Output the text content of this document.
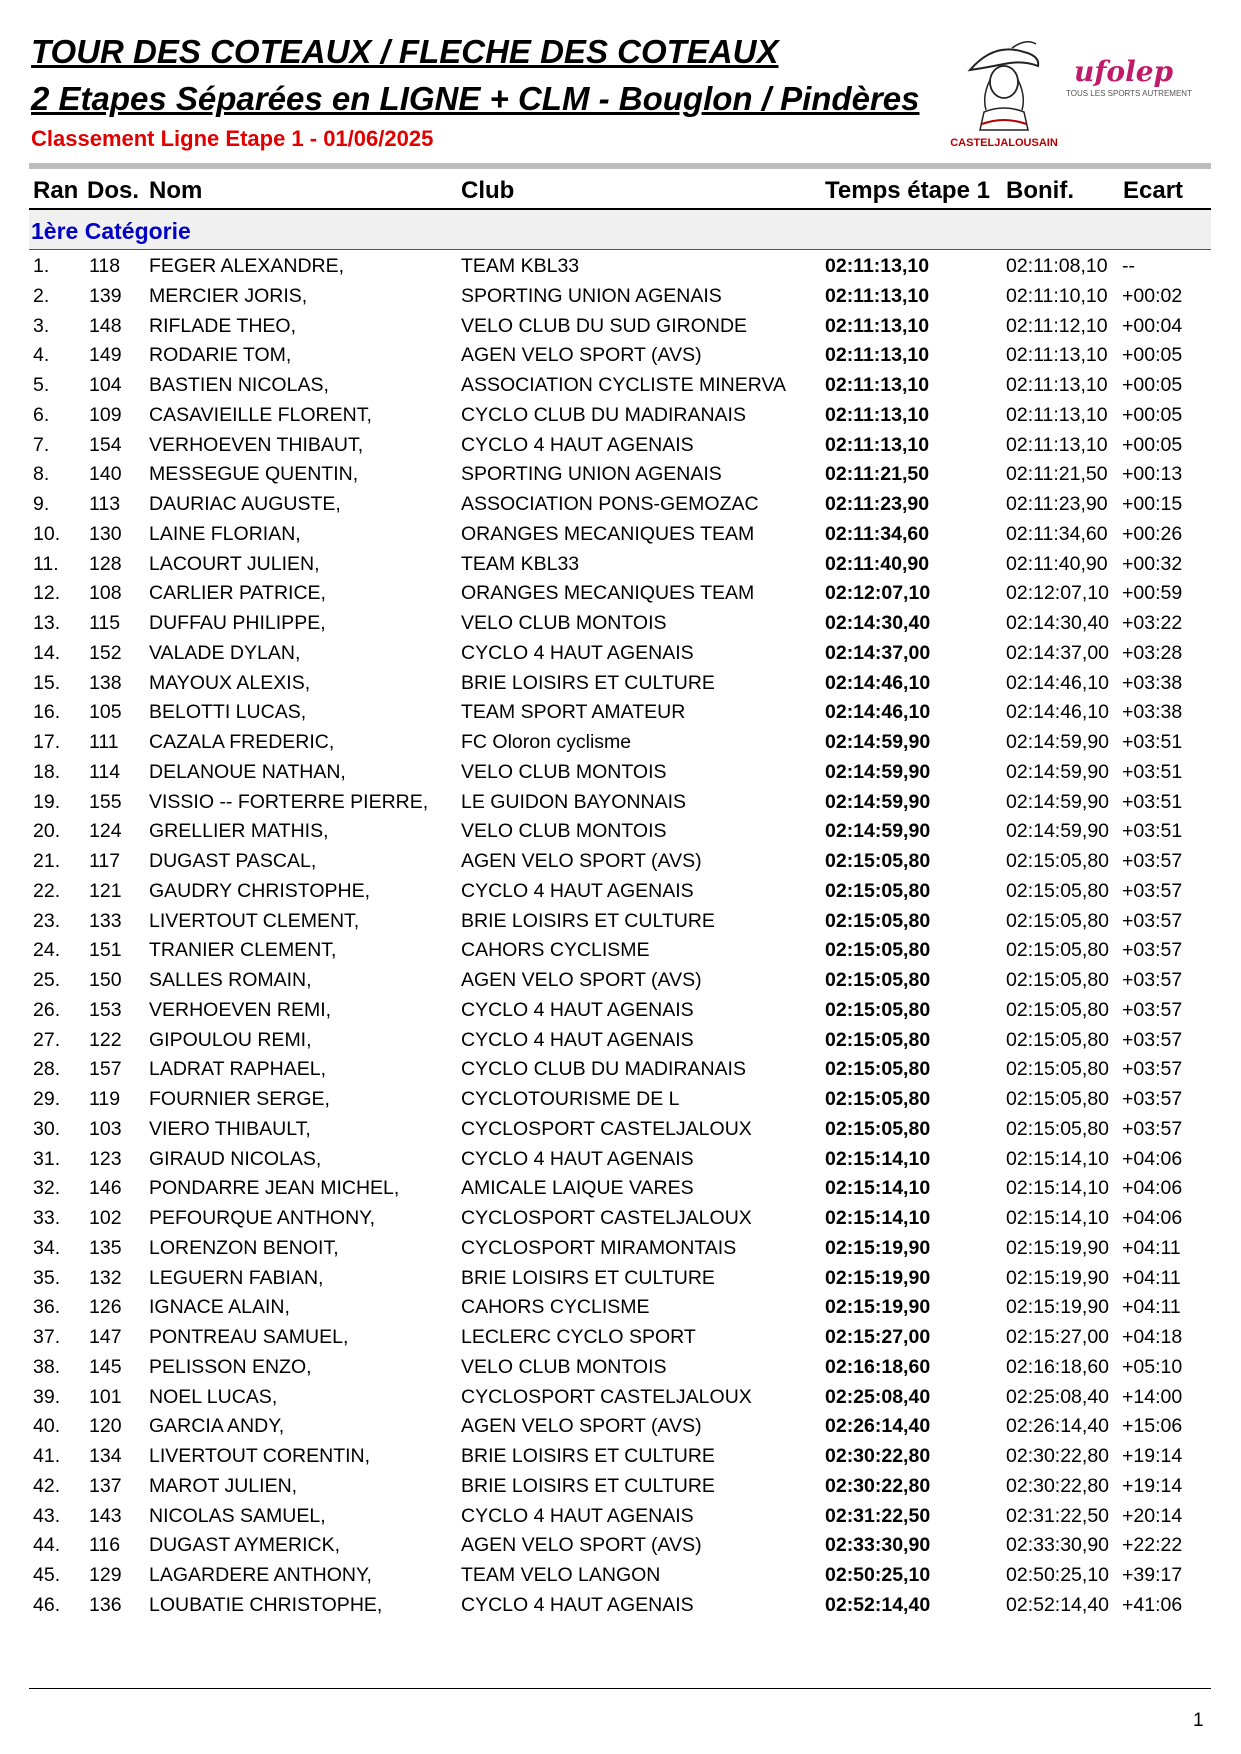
TOUR DES COTEAUX / FLECHE DES COTEAUX
2 Etapes Séparées en LIGNE + CLM - Bouglon / Pindères
Classement Ligne Etape 1 - 01/06/2025	CASTELJALOUSAIN
ufolep
TOUS LES SPORTS AUTREMENT
Ran Dos. Nom	Club	Temps étape 1 Bonif. Ecart
1ère Catégorie
1. 118 FEGER ALEXANDRE,	TEAM KBL33	02:11:13,10	02:11:08,10 --
2. 139 MERCIER JORIS,	SPORTING UNION AGENAIS	02:11:13,10	02:11:10,10 +00:02
3. 148 RIFLADE THEO,	VELO CLUB DU SUD GIRONDE	02:11:13,10	02:11:12,10 +00:04
4. 149 RODARIE TOM,	AGEN VELO SPORT (AVS)	02:11:13,10	02:11:13,10 +00:05
5. 104 BASTIEN NICOLAS,	ASSOCIATION CYCLISTE MINERVA 02:11:13,10	02:11:13,10 +00:05
6. 109 CASAVIEILLE FLORENT,	CYCLO CLUB DU MADIRANAIS	02:11:13,10	02:11:13,10 +00:05
7. 154 VERHOEVEN THIBAUT,	CYCLO 4 HAUT AGENAIS	02:11:13,10	02:11:13,10 +00:05
8. 140 MESSEGUE QUENTIN,	SPORTING UNION AGENAIS	02:11:21,50	02:11:21,50 +00:13
9. 113 DAURIAC AUGUSTE,	ASSOCIATION PONS-GEMOZAC	02:11:23,90	02:11:23,90 +00:15
10. 130 LAINE FLORIAN,	ORANGES MECANIQUES TEAM	02:11:34,60	02:11:34,60 +00:26
11. 128 LACOURT JULIEN,	TEAM KBL33	02:11:40,90	02:11:40,90 +00:32
12. 108 CARLIER PATRICE,	ORANGES MECANIQUES TEAM	02:12:07,10	02:12:07,10 +00:59
13. 115 DUFFAU PHILIPPE,	VELO CLUB MONTOIS	02:14:30,40	02:14:30,40 +03:22
14. 152 VALADE DYLAN,	CYCLO 4 HAUT AGENAIS	02:14:37,00	02:14:37,00 +03:28
15. 138 MAYOUX ALEXIS,	BRIE LOISIRS ET CULTURE	02:14:46,10	02:14:46,10 +03:38
16. 105 BELOTTI LUCAS,	TEAM SPORT AMATEUR	02:14:46,10	02:14:46,10 +03:38
17. 111 CAZALA FREDERIC,	FC Oloron cyclisme	02:14:59,90	02:14:59,90 +03:51
18. 114 DELANOUE NATHAN,	VELO CLUB MONTOIS	02:14:59,90	02:14:59,90 +03:51
19. 155 VISSIO -- FORTERRE PIERRE, LE GUIDON BAYONNAIS	02:14:59,90	02:14:59,90 +03:51
20. 124 GRELLIER MATHIS,	VELO CLUB MONTOIS	02:14:59,90	02:14:59,90 +03:51
21. 117 DUGAST PASCAL,	AGEN VELO SPORT (AVS)	02:15:05,80	02:15:05,80 +03:57
22. 121 GAUDRY CHRISTOPHE,	CYCLO 4 HAUT AGENAIS	02:15:05,80	02:15:05,80 +03:57
23. 133 LIVERTOUT CLEMENT,	BRIE LOISIRS ET CULTURE	02:15:05,80	02:15:05,80 +03:57
24. 151 TRANIER CLEMENT,	CAHORS CYCLISME	02:15:05,80	02:15:05,80 +03:57
25. 150 SALLES ROMAIN,	AGEN VELO SPORT (AVS)	02:15:05,80	02:15:05,80 +03:57
26. 153 VERHOEVEN REMI,	CYCLO 4 HAUT AGENAIS	02:15:05,80	02:15:05,80 +03:57
27. 122 GIPOULOU REMI,	CYCLO 4 HAUT AGENAIS	02:15:05,80	02:15:05,80 +03:57
28. 157 LADRAT RAPHAEL,	CYCLO CLUB DU MADIRANAIS	02:15:05,80	02:15:05,80 +03:57
29. 119 FOURNIER SERGE,	CYCLOTOURISME DE L	02:15:05,80	02:15:05,80 +03:57
30. 103 VIERO THIBAULT,	CYCLOSPORT CASTELJALOUX	02:15:05,80	02:15:05,80 +03:57
31. 123 GIRAUD NICOLAS,	CYCLO 4 HAUT AGENAIS	02:15:14,10	02:15:14,10 +04:06
32. 146 PONDARRE JEAN MICHEL,	AMICALE LAIQUE VARES	02:15:14,10	02:15:14,10 +04:06
33. 102 PEFOURQUE ANTHONY,	CYCLOSPORT CASTELJALOUX	02:15:14,10	02:15:14,10 +04:06
34. 135 LORENZON BENOIT,	CYCLOSPORT MIRAMONTAIS	02:15:19,90	02:15:19,90 +04:11
35. 132 LEGUERN FABIAN,	BRIE LOISIRS ET CULTURE	02:15:19,90	02:15:19,90 +04:11
36. 126 IGNACE ALAIN,	CAHORS CYCLISME	02:15:19,90	02:15:19,90 +04:11
37. 147 PONTREAU SAMUEL,	LECLERC CYCLO SPORT	02:15:27,00	02:15:27,00 +04:18
38. 145 PELISSON ENZO,	VELO CLUB MONTOIS	02:16:18,60	02:16:18,60 +05:10
39. 101 NOEL LUCAS,	CYCLOSPORT CASTELJALOUX	02:25:08,40	02:25:08,40 +14:00
40. 120 GARCIA ANDY,	AGEN VELO SPORT (AVS)	02:26:14,40	02:26:14,40 +15:06
41. 134 LIVERTOUT CORENTIN,	BRIE LOISIRS ET CULTURE	02:30:22,80	02:30:22,80 +19:14
42. 137 MAROT JULIEN,	BRIE LOISIRS ET CULTURE	02:30:22,80	02:30:22,80 +19:14
43. 143 NICOLAS SAMUEL,	CYCLO 4 HAUT AGENAIS	02:31:22,50	02:31:22,50 +20:14
44. 116 DUGAST AYMERICK,	AGEN VELO SPORT (AVS)	02:33:30,90	02:33:30,90 +22:22
45. 129 LAGARDERE ANTHONY,	TEAM VELO LANGON	02:50:25,10	02:50:25,10 +39:17
46. 136 LOUBATIE CHRISTOPHE,	CYCLO 4 HAUT AGENAIS	02:52:14,40	02:52:14,40 +41:06
1
